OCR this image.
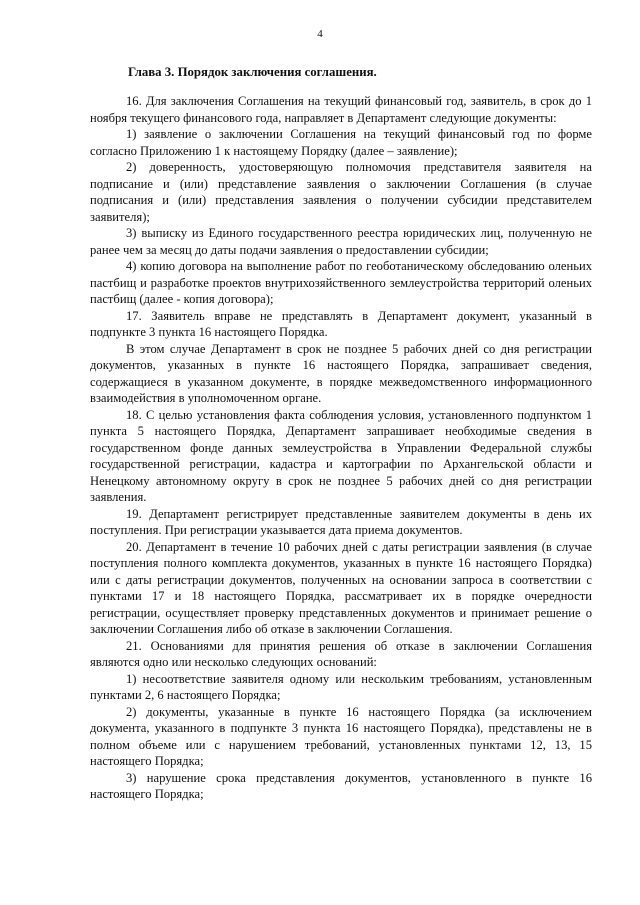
4
Глава 3. Порядок заключения соглашения.

16. Для заключения Соглашения на текущий финансовый год, заявитель, в срок до 1 ноября текущего финансового года, направляет в Департамент следующие документы:

1) заявление о заключении Соглашения на текущий финансовый год по форме согласно Приложению 1 к настоящему Порядку (далее – заявление);

2) доверенность, удостоверяющую полномочия представителя заявителя на подписание и (или) представление заявления о заключении Соглашения (в случае подписания и (или) представления заявления о получении субсидии представителем заявителя);

3) выписку из Единого государственного реестра юридических лиц, полученную не ранее чем за месяц до даты подачи заявления о предоставлении субсидии;

4) копию договора на выполнение работ по геоботаническому обследованию оленьих пастбищ и разработке проектов внутрихозяйственного землеустройства территорий оленьих пастбищ (далее - копия договора);

17. Заявитель вправе не представлять в Департамент документ, указанный в подпункте 3 пункта 16 настоящего Порядка.

В этом случае Департамент в срок не позднее 5 рабочих дней со дня регистрации документов, указанных в пункте 16 настоящего Порядка, запрашивает сведения, содержащиеся в указанном документе, в порядке межведомственного информационного взаимодействия в уполномоченном органе.

18. С целью установления факта соблюдения условия, установленного подпунктом 1 пункта 5 настоящего Порядка, Департамент запрашивает необходимые сведения в государственном фонде данных землеустройства в Управлении Федеральной службы государственной регистрации, кадастра и картографии по Архангельской области и Ненецкому автономному округу в срок не позднее 5 рабочих дней со дня регистрации заявления.

19. Департамент регистрирует представленные заявителем документы в день их поступления. При регистрации указывается дата приема документов.

20. Департамент в течение 10 рабочих дней с даты регистрации заявления (в случае поступления полного комплекта документов, указанных в пункте 16 настоящего Порядка) или с даты регистрации документов, полученных на основании запроса в соответствии с пунктами 17 и 18 настоящего Порядка, рассматривает их в порядке очередности регистрации, осуществляет проверку представленных документов и принимает решение о заключении Соглашения либо об отказе в заключении Соглашения.

21. Основаниями для принятия решения об отказе в заключении Соглашения являются одно или несколько следующих оснований:

1) несоответствие заявителя одному или нескольким требованиям, установленным пунктами 2, 6 настоящего Порядка;

2) документы, указанные в пункте 16 настоящего Порядка (за исключением документа, указанного в подпункте 3 пункта 16 настоящего Порядка), представлены не в полном объеме или с нарушением требований, установленных пунктами 12, 13, 15 настоящего Порядка;

3) нарушение срока представления документов, установленного в пункте 16 настоящего Порядка;
